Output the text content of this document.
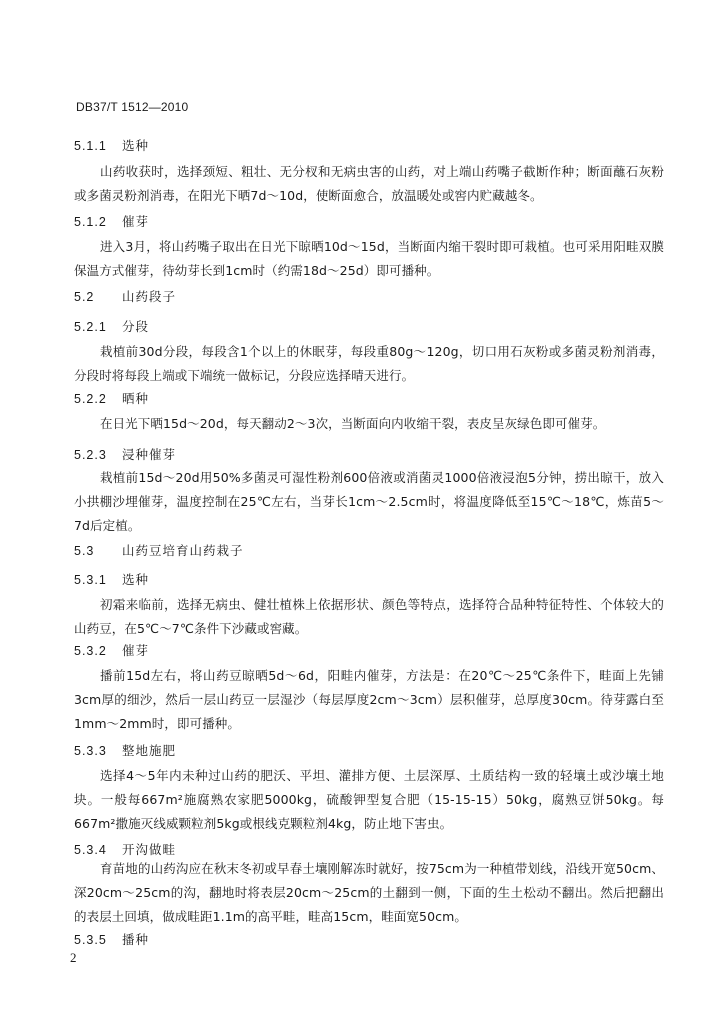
DB37/T 1512—2010
5.1.1 选种
山药收获时，选择颈短、粗壮、无分杈和无病虫害的山药，对上端山药嘴子截断作种；断面蘸石灰粉或多菌灵粉剂消毒，在阳光下晒7d～10d，使断面愈合，放温暖处或窖内贮藏越冬。
5.1.2 催芽
进入3月，将山药嘴子取出在日光下晾晒10d～15d，当断面内缩干裂时即可栽植。也可采用阳畦双膜保温方式催芽，待幼芽长到1cm时（约需18d～25d）即可播种。
5.2 山药段子
5.2.1 分段
栽植前30d分段，每段含1个以上的休眠芽，每段重80g～120g，切口用石灰粉或多菌灵粉剂消毒，分段时将每段上端或下端统一做标记，分段应选择晴天进行。
5.2.2 晒种
在日光下晒15d～20d，每天翻动2～3次，当断面向内收缩干裂，表皮呈灰绿色即可催芽。
5.2.3 浸种催芽
栽植前15d～20d用50%多菌灵可湿性粉剂600倍液或消菌灵1000倍液浸泡5分钟，捞出晾干，放入小拱棚沙埋催芽，温度控制在25℃左右，当芽长1cm～2.5cm时，将温度降低至15℃～18℃，炼苗5～7d后定植。
5.3 山药豆培育山药栽子
5.3.1 选种
初霜来临前，选择无病虫、健壮植株上依据形状、颜色等特点，选择符合品种特征特性、个体较大的山药豆，在5℃～7℃条件下沙藏或窖藏。
5.3.2 催芽
播前15d左右，将山药豆晾晒5d～6d，阳畦内催芽，方法是：在20℃～25℃条件下，畦面上先铺3cm厚的细沙，然后一层山药豆一层湿沙（每层厚度2cm～3cm）层积催芽，总厚度30cm。待芽露白至1mm～2mm时，即可播种。
5.3.3 整地施肥
选择4～5年内未种过山药的肥沃、平坦、灌排方便、土层深厚、土质结构一致的轻壤土或沙壤土地块。一般每667m²施腐熟农家肥5000kg，硫酸钾型复合肥（15-15-15）50kg，腐熟豆饼50kg。每667m²撒施灭线威颗粒剂5kg或根线克颗粒剂4kg，防止地下害虫。
5.3.4 开沟做畦
育苗地的山药沟应在秋末冬初或早春土壤刚解冻时就好，按75cm为一种植带划线，沿线开宽50cm、深20cm～25cm的沟，翻地时将表层20cm～25cm的土翻到一侧，下面的生土松动不翻出。然后把翻出的表层土回填，做成畦距1.1m的高平畦，畦高15cm，畦面宽50cm。
5.3.5 播种
2
